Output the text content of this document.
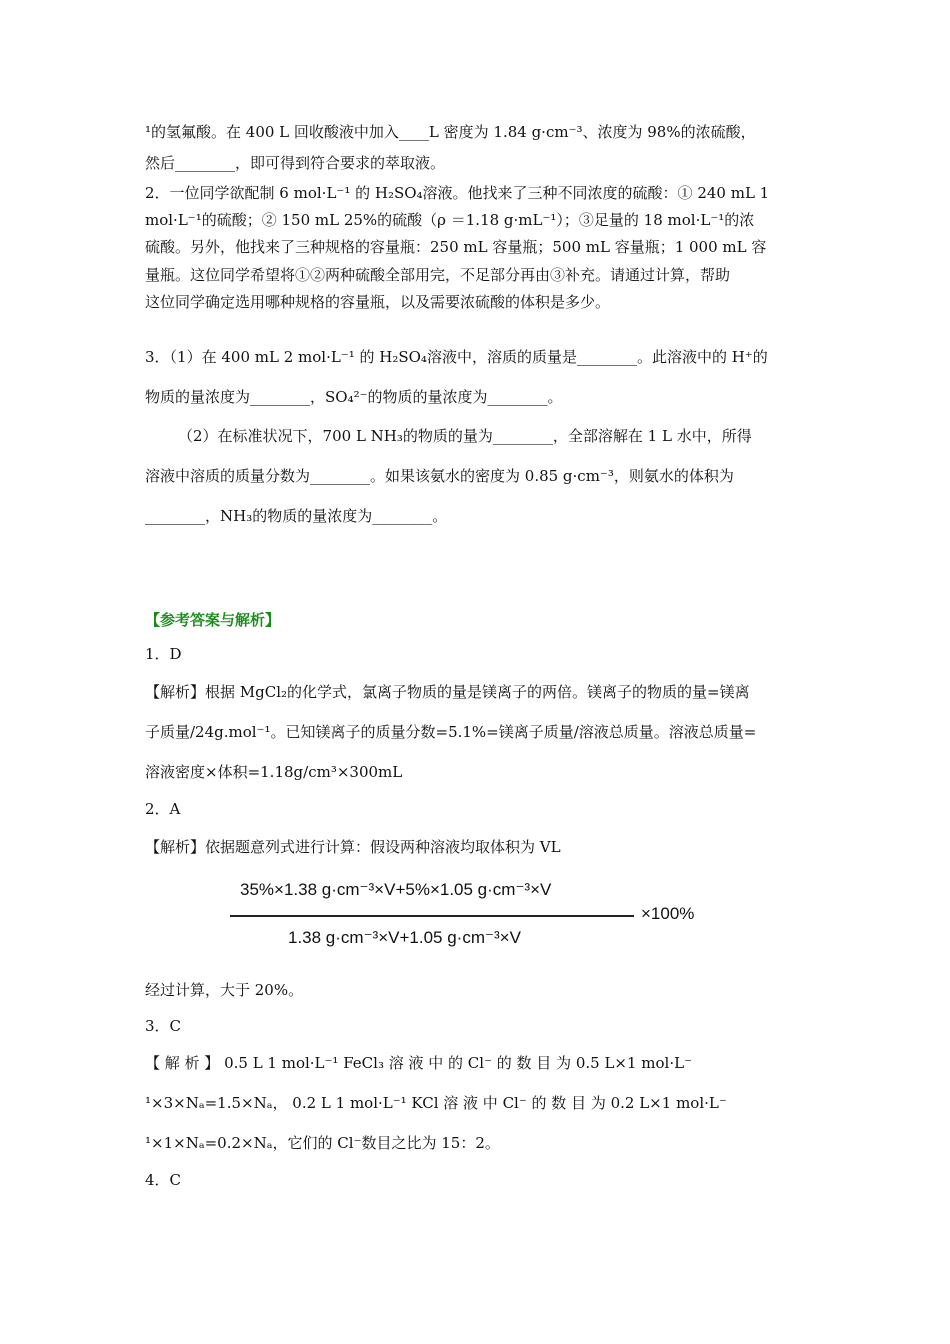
¹的氢氟酸。在 400 L 回收酸液中加入____L 密度为 1.84 g·cm⁻³、浓度为 98%的浓硫酸，
然后________，即可得到符合要求的萃取液。
2．一位同学欲配制 6 mol·L⁻¹ 的 H₂SO₄溶液。他找来了三种不同浓度的硫酸：① 240 mL 1
mol·L⁻¹的硫酸；② 150 mL 25%的硫酸（ρ ＝1.18 g·mL⁻¹）；③足量的 18 mol·L⁻¹的浓
硫酸。另外，他找来了三种规格的容量瓶：250 mL 容量瓶；500 mL 容量瓶；1 000 mL 容
量瓶。这位同学希望将①②两种硫酸全部用完，不足部分再由③补充。请通过计算，帮助
这位同学确定选用哪种规格的容量瓶，以及需要浓硫酸的体积是多少。
3．（1）在 400 mL 2 mol·L⁻¹ 的 H₂SO₄溶液中，溶质的质量是________。此溶液中的 H⁺的
物质的量浓度为________，SO₄²⁻的物质的量浓度为________。
（2）在标准状况下，700 L NH₃的物质的量为________，全部溶解在 1 L 水中，所得
溶液中溶质的质量分数为________。如果该氨水的密度为 0.85 g·cm⁻³，则氨水的体积为
________，NH₃的物质的量浓度为________。
【参考答案与解析】
1．D
【解析】根据 MgCl₂的化学式，氯离子物质的量是镁离子的两倍。镁离子的物质的量=镁离
子质量/24g.mol⁻¹。已知镁离子的质量分数=5.1%=镁离子质量/溶液总质量。溶液总质量=
溶液密度×体积=1.18g/cm³×300mL
2．A
【解析】依据题意列式进行计算：假设两种溶液均取体积为 VL
35%×1.38 g·cm⁻³×V+5%×1.05 g·cm⁻³×V
1.38 g·cm⁻³×V+1.05 g·cm⁻³×V
×100%
经过计算，大于 20%。
3．C
【 解 析 】 0.5 L 1 mol·L⁻¹ FeCl₃ 溶 液 中 的 Cl⁻ 的 数 目 为 0.5 L×1 mol·L⁻
¹×3×Nₐ=1.5×Nₐ， 0.2 L 1 mol·L⁻¹ KCl 溶 液 中 Cl⁻ 的 数 目 为 0.2 L×1 mol·L⁻
¹×1×Nₐ=0.2×Nₐ，它们的 Cl⁻数目之比为 15：2。
4．C
